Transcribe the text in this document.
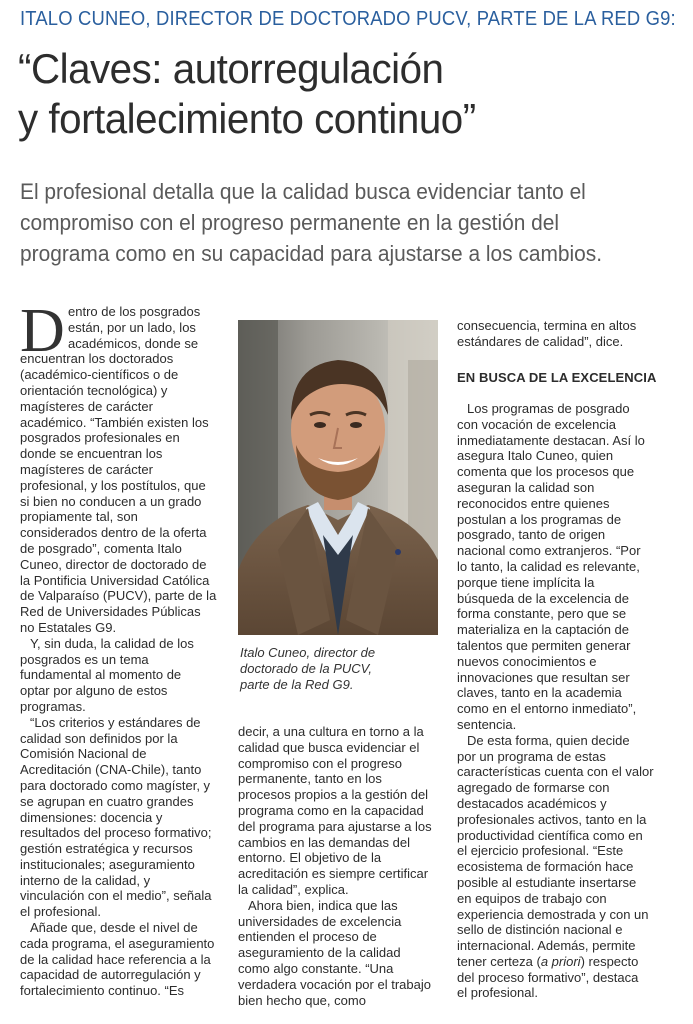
ITALO CUNEO, DIRECTOR DE DOCTORADO PUCV, PARTE DE LA RED G9:
“Claves: autorregulación
y fortalecimiento continuo”
El profesional detalla que la calidad busca evidenciar tanto el
compromiso con el progreso permanente en la gestión del
programa como en su capacidad para ajustarse a los cambios.
D entro de los posgrados
están, por un lado, los
académicos, donde se
encuentran los doctorados
(académico-científicos o de
orientación tecnológica) y
magísteres de carácter
académico. “También existen los
posgrados profesionales en
donde se encuentran los
magísteres de carácter
profesional, y los postítulos, que
si bien no conducen a un grado
propiamente tal, son
considerados dentro de la oferta
de posgrado”, comenta Italo
Cuneo, director de doctorado de
la Pontificia Universidad Católica
de Valparaíso (PUCV), parte de la
Red de Universidades Públicas
no Estatales G9.
Y, sin duda, la calidad de los
posgrados es un tema
fundamental al momento de
optar por alguno de estos
programas.
“Los criterios y estándares de
calidad son definidos por la
Comisión Nacional de
Acreditación (CNA-Chile), tanto
para doctorado como magíster, y
se agrupan en cuatro grandes
dimensiones: docencia y
resultados del proceso formativo;
gestión estratégica y recursos
institucionales; aseguramiento
interno de la calidad, y
vinculación con el medio”, señala
el profesional.
Añade que, desde el nivel de
cada programa, el aseguramiento
de la calidad hace referencia a la
capacidad de autorregulación y
fortalecimiento continuo. “Es
Italo Cuneo, director de
doctorado de la PUCV,
parte de la Red G9.
decir, a una cultura en torno a la
calidad que busca evidenciar el
compromiso con el progreso
permanente, tanto en los
procesos propios a la gestión del
programa como en la capacidad
del programa para ajustarse a los
cambios en las demandas del
entorno. El objetivo de la
acreditación es siempre certificar
la calidad”, explica.
Ahora bien, indica que las
universidades de excelencia
entienden el proceso de
aseguramiento de la calidad
como algo constante. “Una
verdadera vocación por el trabajo
bien hecho que, como
consecuencia, termina en altos
estándares de calidad”, dice.
EN BUSCA DE LA EXCELENCIA
Los programas de posgrado
con vocación de excelencia
inmediatamente destacan. Así lo
asegura Italo Cuneo, quien
comenta que los procesos que
aseguran la calidad son
reconocidos entre quienes
postulan a los programas de
posgrado, tanto de origen
nacional como extranjeros. “Por
lo tanto, la calidad es relevante,
porque tiene implícita la
búsqueda de la excelencia de
forma constante, pero que se
materializa en la captación de
talentos que permiten generar
nuevos conocimientos e
innovaciones que resultan ser
claves, tanto en la academia
como en el entorno inmediato”,
sentencia.
De esta forma, quien decide
por un programa de estas
características cuenta con el valor
agregado de formarse con
destacados académicos y
profesionales activos, tanto en la
productividad científica como en
el ejercicio profesional. “Este
ecosistema de formación hace
posible al estudiante insertarse
en equipos de trabajo con
experiencia demostrada y con un
sello de distinción nacional e
internacional. Además, permite
tener certeza (a priori) respecto
del proceso formativo”, destaca
el profesional.
